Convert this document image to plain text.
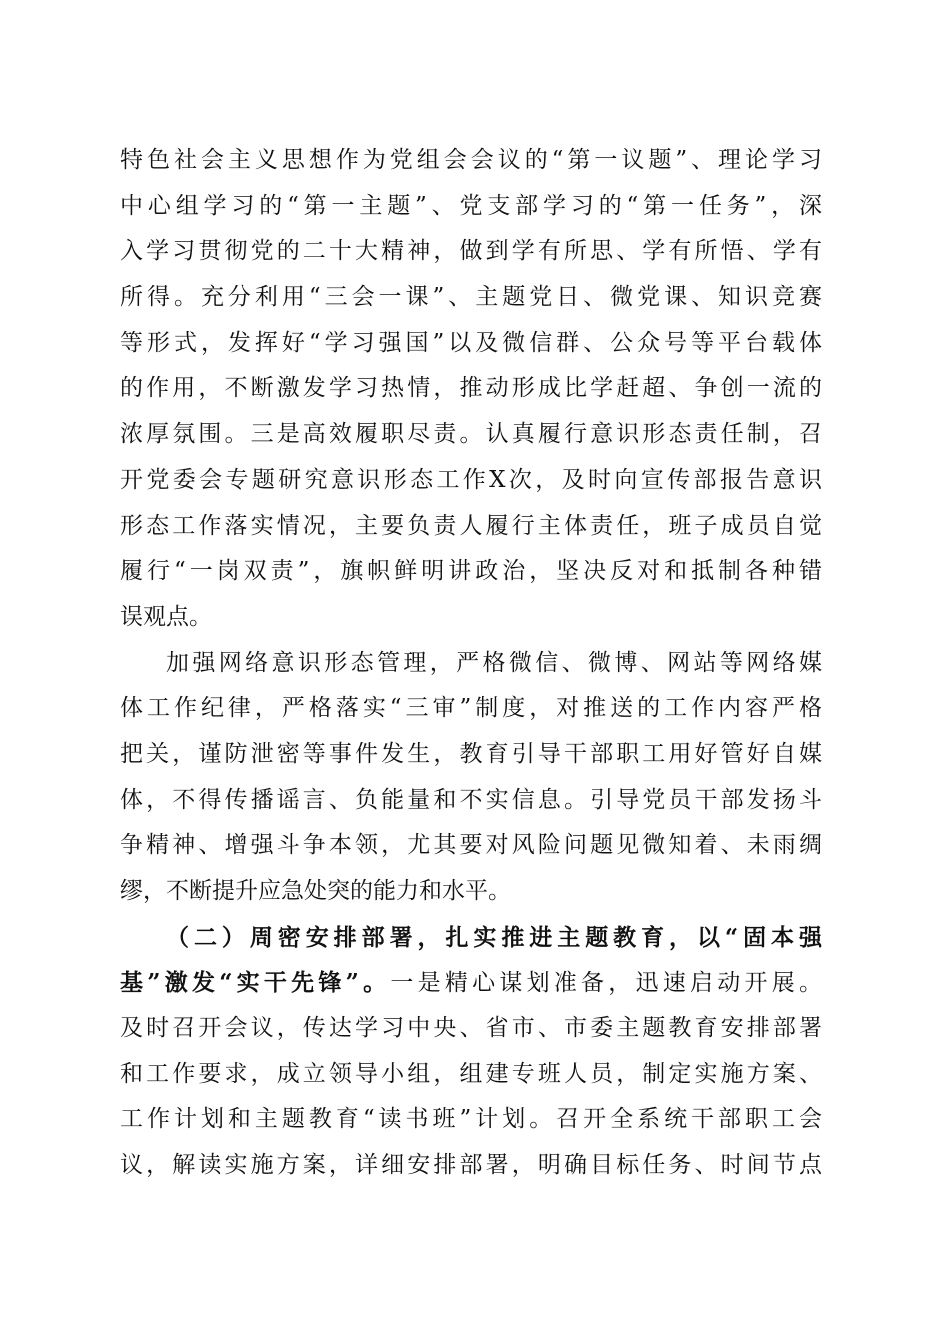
特色社会主义思想作为党组会会议的“第一议题”、理论学习
中心组学习的“第一主题”、党支部学习的“第一任务”，深
入学习贯彻党的二十大精神，做到学有所思、学有所悟、学有
所得。充分利用“三会一课”、主题党日、微党课、知识竞赛
等形式，发挥好“学习强国”以及微信群、公众号等平台载体
的作用，不断激发学习热情，推动形成比学赶超、争创一流的
浓厚氛围。三是高效履职尽责。认真履行意识形态责任制，召
开党委会专题研究意识形态工作X次，及时向宣传部报告意识
形态工作落实情况，主要负责人履行主体责任，班子成员自觉
履行“一岗双责”，旗帜鲜明讲政治，坚决反对和抵制各种错
误观点。
加强网络意识形态管理，严格微信、微博、网站等网络媒
体工作纪律，严格落实“三审”制度，对推送的工作内容严格
把关，谨防泄密等事件发生，教育引导干部职工用好管好自媒
体，不得传播谣言、负能量和不实信息。引导党员干部发扬斗
争精神、增强斗争本领，尤其要对风险问题见微知着、未雨绸
缪，不断提升应急处突的能力和水平。
（二）周密安排部署，扎实推进主题教育，以“固本强
基”激发“实干先锋”。一是精心谋划准备，迅速启动开展。
及时召开会议，传达学习中央、省市、市委主题教育安排部署
和工作要求，成立领导小组，组建专班人员，制定实施方案、
工作计划和主题教育“读书班”计划。召开全系统干部职工会
议，解读实施方案，详细安排部署，明确目标任务、时间节点
